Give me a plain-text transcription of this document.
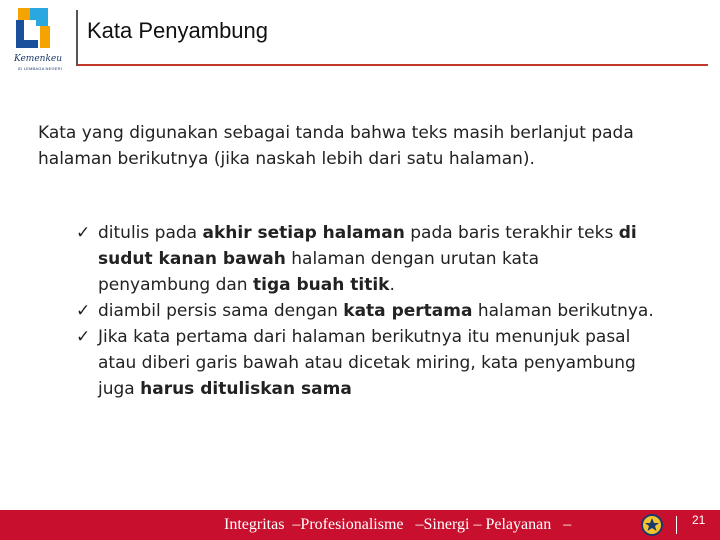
Kemenkeu
ID LEMBAGA NEGERI
Kata Penyambung
Kata yang digunakan sebagai tanda bahwa teks masih berlanjut pada halaman berikutnya (jika naskah lebih dari satu halaman).
✓ ditulis pada akhir setiap halaman pada baris terakhir teks di sudut kanan bawah halaman dengan urutan kata penyambung dan tiga buah titik.
✓ diambil persis sama dengan kata pertama halaman berikutnya.
✓ Jika kata pertama dari halaman berikutnya itu menunjuk pasal atau diberi garis bawah atau dicetak miring, kata penyambung juga harus dituliskan sama
Integritas  –Profesionalisme   –Sinergi – Pelayanan   –	21
